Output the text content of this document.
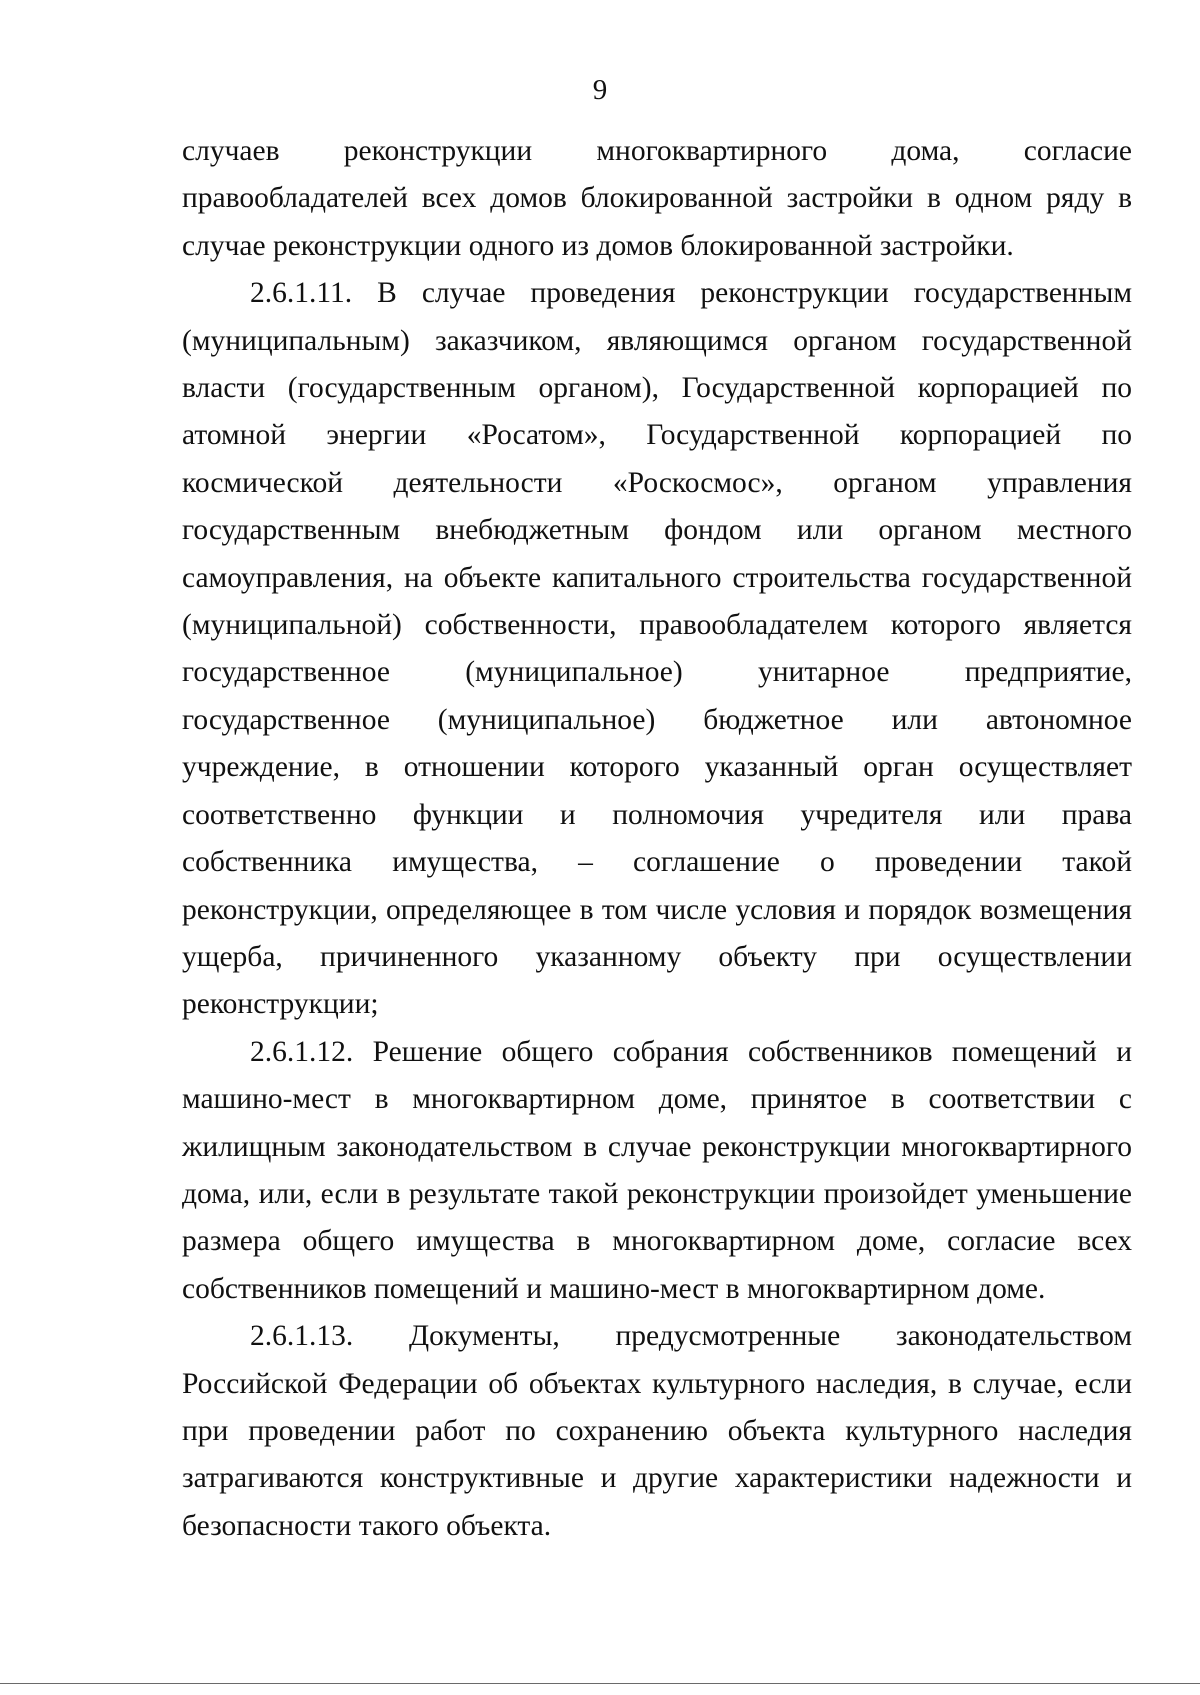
9

случаев реконструкции многоквартирного дома, согласие правообладателей всех домов блокированной застройки в одном ряду в случае реконструкции одного из домов блокированной застройки.

2.6.1.11. В случае проведения реконструкции государственным (муниципальным) заказчиком, являющимся органом государственной власти (государственным органом), Государственной корпорацией по атомной энергии «Росатом», Государственной корпорацией по космической деятельности «Роскосмос», органом управления государственным внебюджетным фондом или органом местного самоуправления, на объекте капитального строительства государственной (муниципальной) собственности, правообладателем которого является государственное (муниципальное) унитарное предприятие, государственное (муниципальное) бюджетное или автономное учреждение, в отношении которого указанный орган осуществляет соответственно функции и полномочия учредителя или права собственника имущества, – соглашение о проведении такой реконструкции, определяющее в том числе условия и порядок возмещения ущерба, причиненного указанному объекту при осуществлении реконструкции;

2.6.1.12. Решение общего собрания собственников помещений и машино-мест в многоквартирном доме, принятое в соответствии с жилищным законодательством в случае реконструкции многоквартирного дома, или, если в результате такой реконструкции произойдет уменьшение размера общего имущества в многоквартирном доме, согласие всех собственников помещений и машино-мест в многоквартирном доме.

2.6.1.13. Документы, предусмотренные законодательством Российской Федерации об объектах культурного наследия, в случае, если при проведении работ по сохранению объекта культурного наследия затрагиваются конструктивные и другие характеристики надежности и безопасности такого объекта.
